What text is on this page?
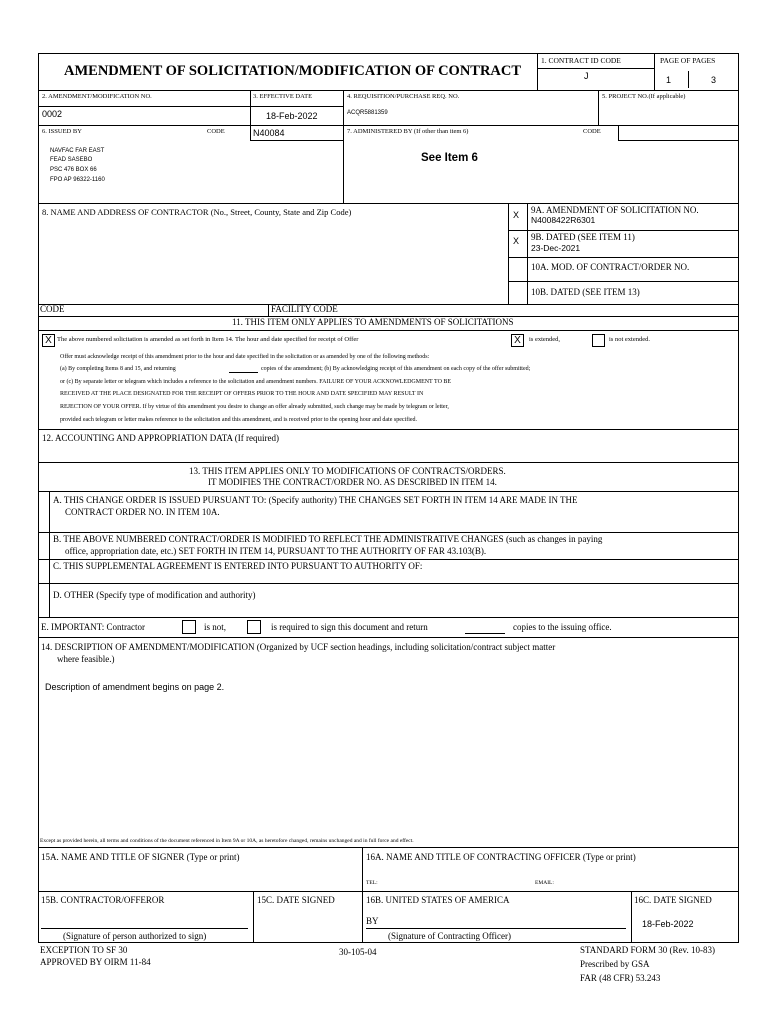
AMENDMENT OF SOLICITATION/MODIFICATION OF CONTRACT
1. CONTRACT ID CODE
J
PAGE OF PAGES
1	3
2. AMENDMENT/MODIFICATION NO.
0002
3. EFFECTIVE DATE
18-Feb-2022
4. REQUISITION/PURCHASE REQ. NO.
ACQR5881359
5. PROJECT NO.(If applicable)
6. ISSUED BY	CODE	N40084	7. ADMINISTERED BY (If other than item 6)	CODE
NAVFAC FAR EAST
FEAD SASEBO
PSC 476 BOX 66
FPO AP 96322-1160
See Item 6
8. NAME AND ADDRESS OF CONTRACTOR (No., Street, County, State and Zip Code)	X 9A. AMENDMENT OF SOLICITATION NO.
N4008422R6301
X 9B. DATED (SEE ITEM 11)
23-Dec-2021
10A. MOD. OF CONTRACT/ORDER NO.
10B. DATED (SEE ITEM 13)
CODE	FACILITY CODE
11. THIS ITEM ONLY APPLIES TO AMENDMENTS OF SOLICITATIONS
X The above numbered solicitation is amended as set forth in Item 14. The hour and date specified for receipt of Offer	X	is extended,	is not extended.
Offer must acknowledge receipt of this amendment prior to the hour and date specified in the solicitation or as amended by one of the following methods:
(a) By completing Items 8 and 15, and returning	copies of the amendment; (b) By acknowledging receipt of this amendment on each copy of the offer submitted;
or (c) By separate letter or telegram which includes a reference to the solicitation and amendment numbers. FAILURE OF YOUR ACKNOWLEDGMENT TO BE
RECEIVED AT THE PLACE DESIGNATED FOR THE RECEIPT OF OFFERS PRIOR TO THE HOUR AND DATE SPECIFIED MAY RESULT IN
REJECTION OF YOUR OFFER. If by virtue of this amendment you desire to change an offer already submitted, such change may be made by telegram or letter,
provided each telegram or letter makes reference to the solicitation and this amendment, and is received prior to the opening hour and date specified.
12. ACCOUNTING AND APPROPRIATION DATA (If required)
13. THIS ITEM APPLIES ONLY TO MODIFICATIONS OF CONTRACTS/ORDERS.
IT MODIFIES THE CONTRACT/ORDER NO. AS DESCRIBED IN ITEM 14.
A. THIS CHANGE ORDER IS ISSUED PURSUANT TO: (Specify authority) THE CHANGES SET FORTH IN ITEM 14 ARE MADE IN THE
CONTRACT ORDER NO. IN ITEM 10A.
B. THE ABOVE NUMBERED CONTRACT/ORDER IS MODIFIED TO REFLECT THE ADMINISTRATIVE CHANGES (such as changes in paying
office, appropriation date, etc.) SET FORTH IN ITEM 14, PURSUANT TO THE AUTHORITY OF FAR 43.103(B).
C. THIS SUPPLEMENTAL AGREEMENT IS ENTERED INTO PURSUANT TO AUTHORITY OF:
D. OTHER (Specify type of modification and authority)
E. IMPORTANT: Contractor	is not,	is required to sign this document and return	copies to the issuing office.
14. DESCRIPTION OF AMENDMENT/MODIFICATION (Organized by UCF section headings, including solicitation/contract subject matter
where feasible.)
Description of amendment begins on page 2.
Except as provided herein, all terms and conditions of the document referenced in Item 9A or 10A, as heretofore changed, remains unchanged and in full force and effect.
15A. NAME AND TITLE OF SIGNER (Type or print)	16A. NAME AND TITLE OF CONTRACTING OFFICER (Type or print)
TEL:	EMAIL:
15B. CONTRACTOR/OFFEROR	15C. DATE SIGNED	16B. UNITED STATES OF AMERICA	16C. DATE SIGNED
BY	18-Feb-2022
(Signature of person authorized to sign)	(Signature of Contracting Officer)
EXCEPTION TO SF 30
APPROVED BY OIRM 11-84
30-105-04	STANDARD FORM 30 (Rev. 10-83)
Prescribed by GSA
FAR (48 CFR) 53.243
